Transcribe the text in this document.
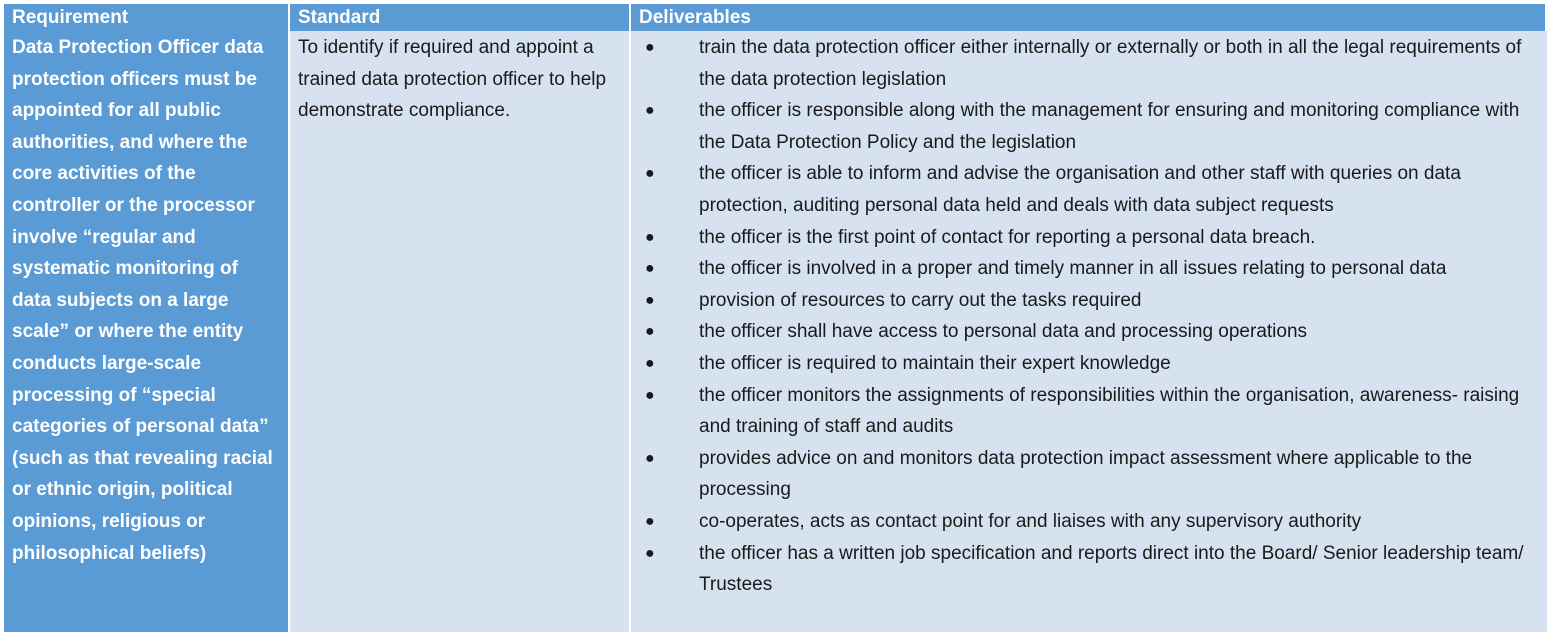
Requirement	Standard	Deliverables
Data Protection Officer data protection officers must be appointed for all public authorities, and where the core activities of the controller or the processor involve “regular and systematic monitoring of data subjects on a large scale” or where the entity conducts large-scale processing of “special categories of personal data” (such as that revealing racial or ethnic origin, political opinions, religious or philosophical beliefs)
To identify if required and appoint a trained data protection officer to help demonstrate compliance.
● train the data protection officer either internally or externally or both in all the legal requirements of the data protection legislation
● the officer is responsible along with the management for ensuring and monitoring compliance with the Data Protection Policy and the legislation
● the officer is able to inform and advise the organisation and other staff with queries on data protection, auditing personal data held and deals with data subject requests
● the officer is the first point of contact for reporting a personal data breach.
● the officer is involved in a proper and timely manner in all issues relating to personal data
● provision of resources to carry out the tasks required
● the officer shall have access to personal data and processing operations
● the officer is required to maintain their expert knowledge
● the officer monitors the assignments of responsibilities within the organisation, awareness- raising and training of staff and audits
● provides advice on and monitors data protection impact assessment where applicable to the processing
● co-operates, acts as contact point for and liaises with any supervisory authority
● the officer has a written job specification and reports direct into the Board/ Senior leadership team/ Trustees
